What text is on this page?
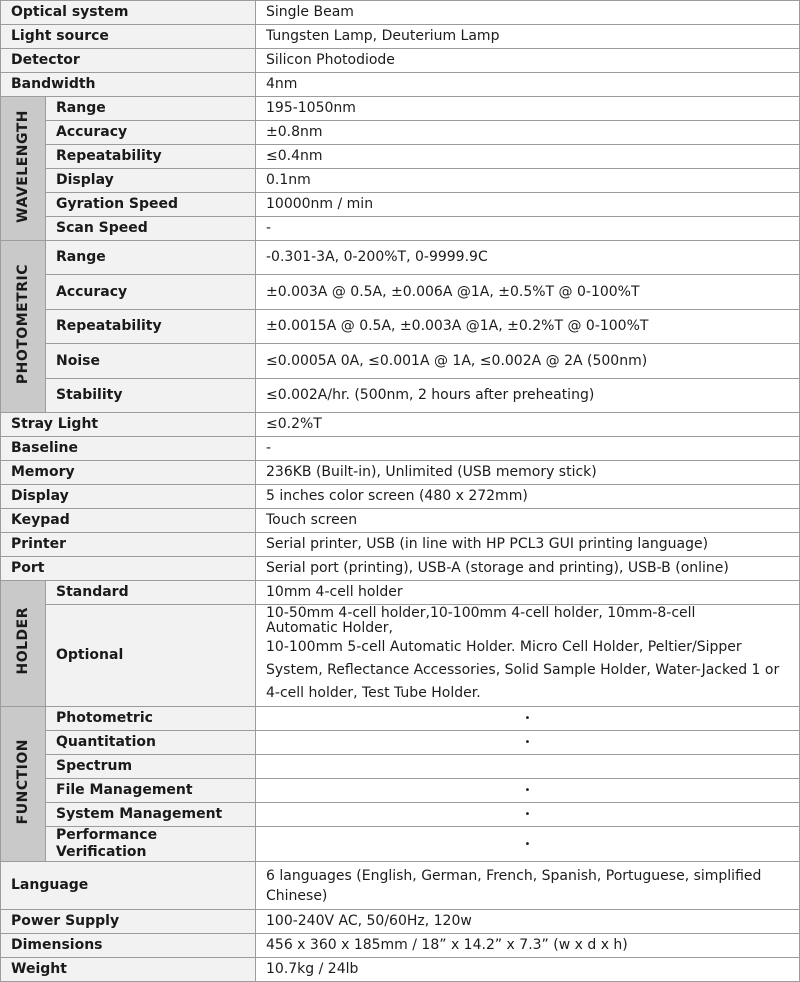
Optical system		Single Beam
Light source		Tungsten Lamp, Deuterium Lamp
Detector		Silicon Photodiode
Bandwidth		4nm
WAVELENGTH	Range	195-1050nm
	Accuracy	±0.8nm
	Repeatability	≤0.4nm
	Display	0.1nm
	Gyration Speed	10000nm / min
	Scan Speed	-
PHOTOMETRIC	Range	-0.301-3A, 0-200%T, 0-9999.9C
	Accuracy	±0.003A @ 0.5A, ±0.006A @1A, ±0.5%T @ 0-100%T
	Repeatability	±0.0015A @ 0.5A, ±0.003A @1A, ±0.2%T @ 0-100%T
	Noise	≤0.0005A 0A, ≤0.001A @ 1A, ≤0.002A @ 2A (500nm)
	Stability	≤0.002A/hr. (500nm, 2 hours after preheating)
Stray Light		≤0.2%T
Baseline		-
Memory		236KB (Built-in), Unlimited (USB memory stick)
Display		5 inches color screen (480 x 272mm)
Keypad		Touch screen
Printer		Serial printer, USB (in line with HP PCL3 GUI printing language)
Port		Serial port (printing), USB-A (storage and printing), USB-B (online)
HOLDER	Standard	10mm 4-cell holder
	Optional	10-50mm 4-cell holder,10-100mm 4-cell holder, 10mm-8-cell
Automatic Holder,
10-100mm 5-cell Automatic Holder. Micro Cell Holder, Peltier/Sipper System, Reflectance Accessories, Solid Sample Holder, Water-Jacked 1 or 4-cell holder, Test Tube Holder.

FUNCTION	Photometric	•
	Quantitation	•
	Spectrum	
	File Management	•
	System Management	•
	Performance Verification	•
Language		6 languages (English, German, French, Spanish, Portuguese, simplified Chinese)
Power Supply		100-240V AC, 50/60Hz, 120w
Dimensions		456 x 360 x 185mm / 18” x 14.2” x 7.3” (w x d x h)
Weight		10.7kg / 24lb
